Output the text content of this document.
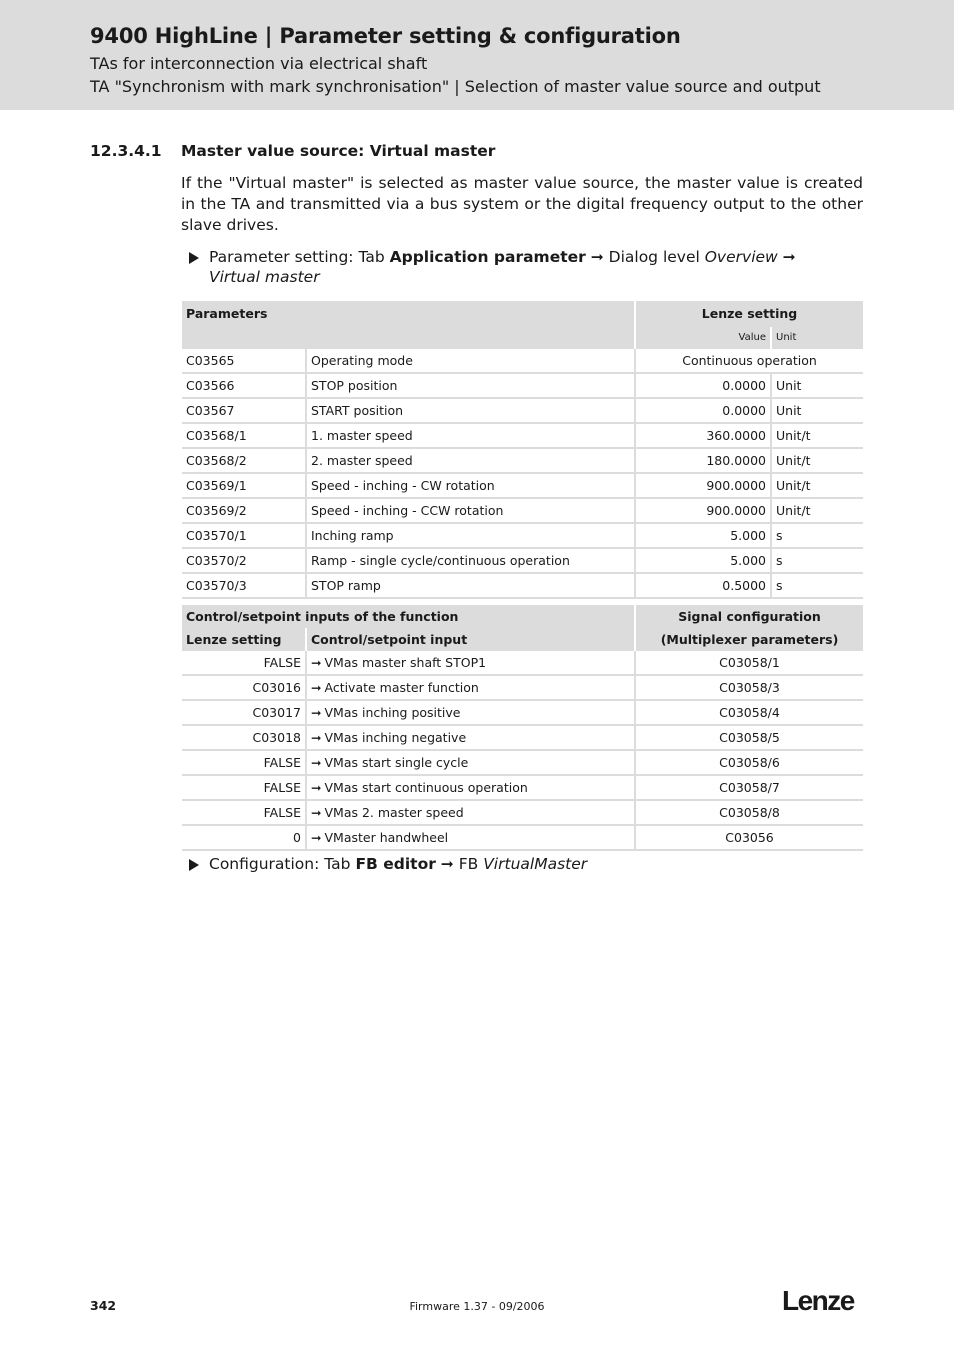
9400 HighLine | Parameter setting & configuration
TAs for interconnection via electrical shaft
TA "Synchronism with mark synchronisation" | Selection of master value source and output
12.3.4.1 Master value source: Virtual master

If the "Virtual master" is selected as master value source, the master value is created in the TA and transmitted via a bus system or the digital frequency output to the other slave drives.

Parameter setting: Tab Application parameter ➞ Dialog level Overview ➞ Virtual master
Parameters		Lenze setting	
		Value	Unit
C03565	Operating mode	Continuous operation	
C03566	STOP position	0.0000	Unit
C03567	START position	0.0000	Unit
C03568/1	1. master speed	360.0000	Unit/t
C03568/2	2. master speed	180.0000	Unit/t
C03569/1	Speed - inching - CW rotation	900.0000	Unit/t
C03569/2	Speed - inching - CCW rotation	900.0000	Unit/t
C03570/1	Inching ramp	5.000	s
C03570/2	Ramp - single cycle/continuous operation	5.000	s
C03570/3	STOP ramp	0.5000	s
Control/setpoint inputs of the function		Signal configuration
Lenze setting	Control/setpoint input	(Multiplexer parameters)
FALSE	➞ VMas master shaft STOP1	C03058/1
C03016	➞ Activate master function	C03058/3
C03017	➞ VMas inching positive	C03058/4
C03018	➞ VMas inching negative	C03058/5
FALSE	➞ VMas start single cycle	C03058/6
FALSE	➞ VMas start continuous operation	C03058/7
FALSE	➞ VMas 2. master speed	C03058/8
0	➞ VMaster handwheel	C03056
Configuration: Tab FB editor ➞ FB VirtualMaster
342	Firmware 1.37 - 09/2006	Lenze
